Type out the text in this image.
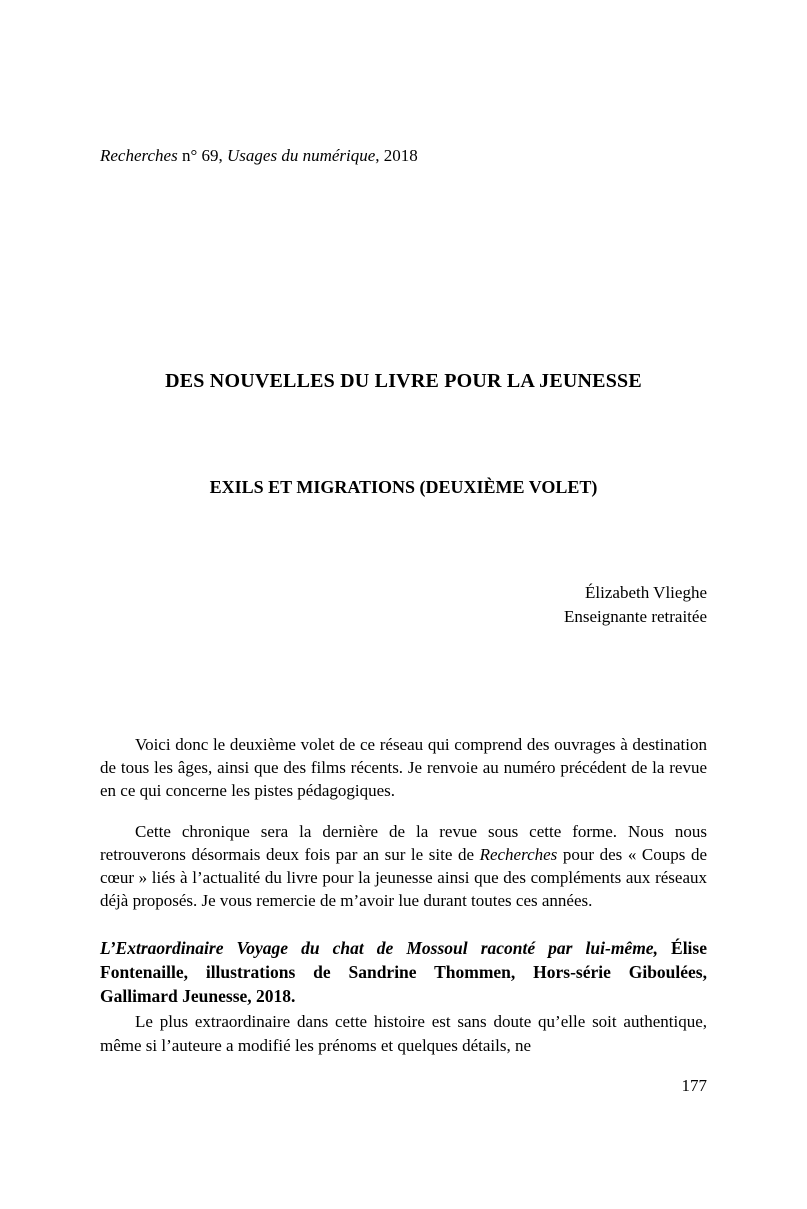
Recherches n° 69, Usages du numérique, 2018
DES NOUVELLES DU LIVRE POUR LA JEUNESSE
EXILS ET MIGRATIONS (DEUXIÈME VOLET)
Élizabeth Vlieghe
Enseignante retraitée

Voici donc le deuxième volet de ce réseau qui comprend des ouvrages à destination de tous les âges, ainsi que des films récents. Je renvoie au numéro précédent de la revue en ce qui concerne les pistes pédagogiques.

Cette chronique sera la dernière de la revue sous cette forme. Nous nous retrouverons désormais deux fois par an sur le site de Recherches pour des « Coups de cœur » liés à l’actualité du livre pour la jeunesse ainsi que des compléments aux réseaux déjà proposés. Je vous remercie de m’avoir lue durant toutes ces années.

L’Extraordinaire Voyage du chat de Mossoul raconté par lui-même, Élise Fontenaille, illustrations de Sandrine Thommen, Hors-série Giboulées, Gallimard Jeunesse, 2018.

Le plus extraordinaire dans cette histoire est sans doute qu’elle soit authentique, même si l’auteure a modifié les prénoms et quelques détails, ne

177
